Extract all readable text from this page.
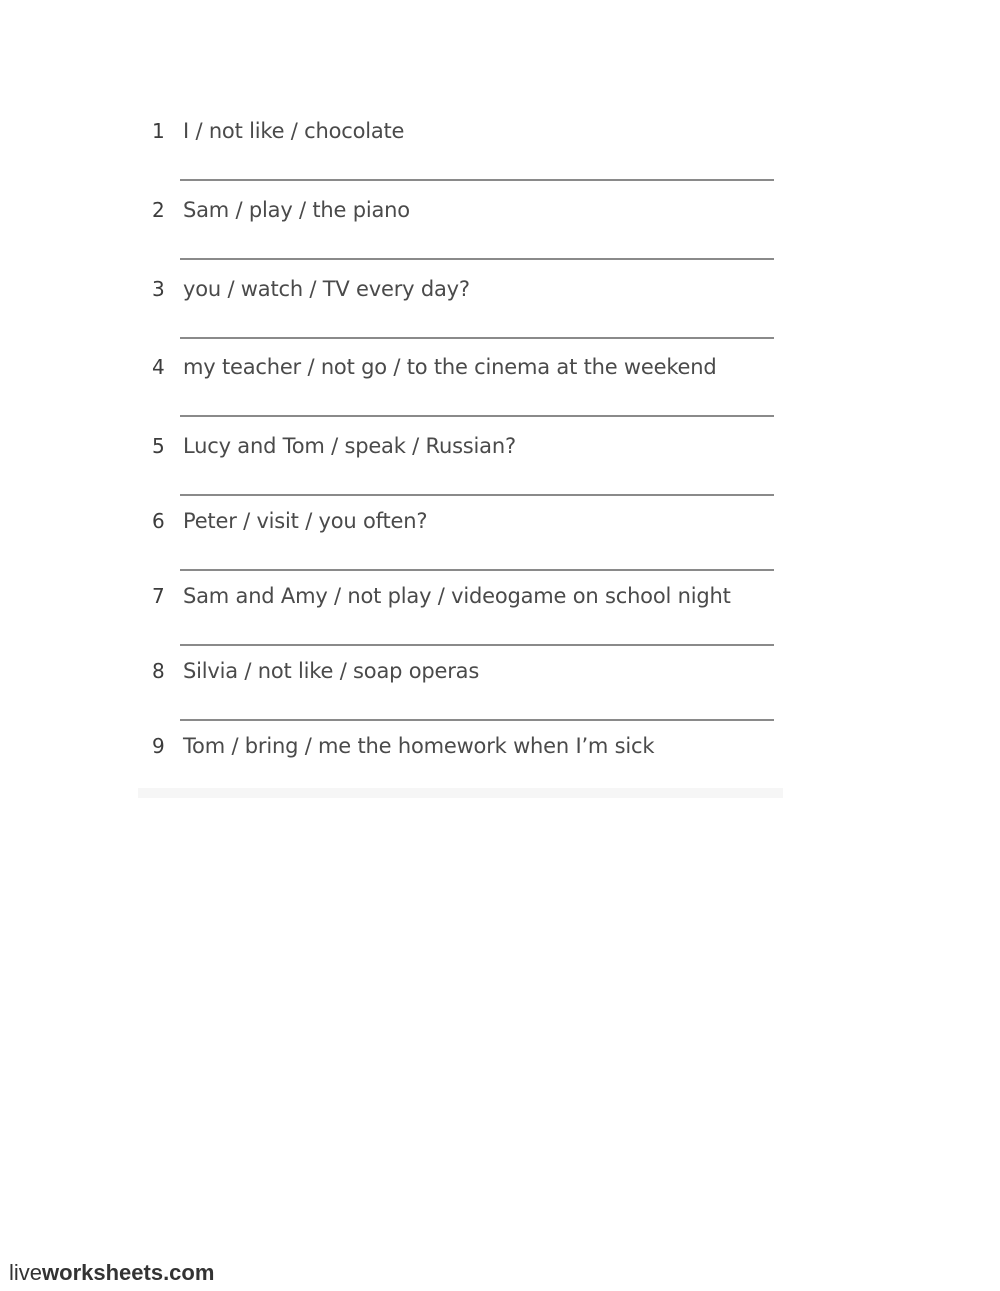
1 I / not like / chocolate
2 Sam / play / the piano
3 you / watch / TV every day?
4 my teacher / not go / to the cinema at the weekend
5 Lucy and Tom / speak / Russian?
6 Peter / visit / you often?
7 Sam and Amy / not play / videogame on school night
8 Silvia / not like / soap operas
9 Tom / bring / me the homework when I’m sick
liveworksheets.com
